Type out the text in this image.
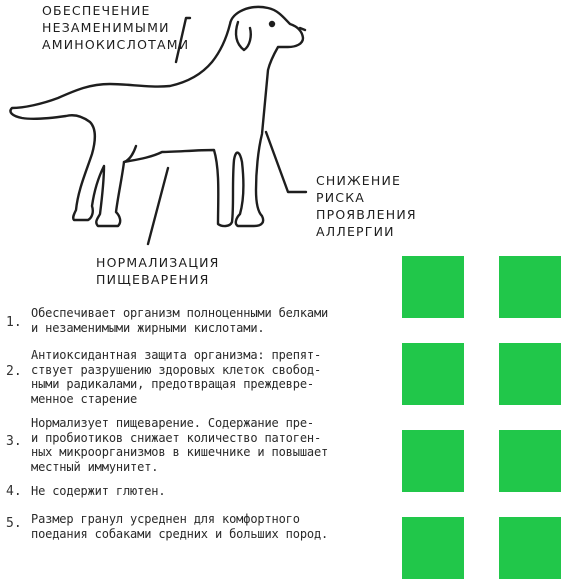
ОБЕСПЕЧЕНИЕ
НЕЗАМЕНИМЫМИ
АМИНОКИСЛОТАМИ
СНИЖЕНИЕ
РИСКА
ПРОЯВЛЕНИЯ
АЛЛЕРГИИ
НОРМАЛИЗАЦИЯ
ПИЩЕВАРЕНИЯ
1.
Обеспечивает организм полноценными белками
и незаменимыми жирными кислотами.
2.
Антиоксидантная защита организма: препят-
ствует разрушению здоровых клеток свобод-
ными радикалами, предотвращая преждевре-
менное старение
3.
Нормализует пищеварение. Содержание пре-
и пробиотиков снижает количество патоген-
ных микроорганизмов в кишечнике и повышает
местный иммунитет.
4. Не содержит глютен.
5. Размер гранул усреднен для комфортного
поедания собаками средних и больших пород.
